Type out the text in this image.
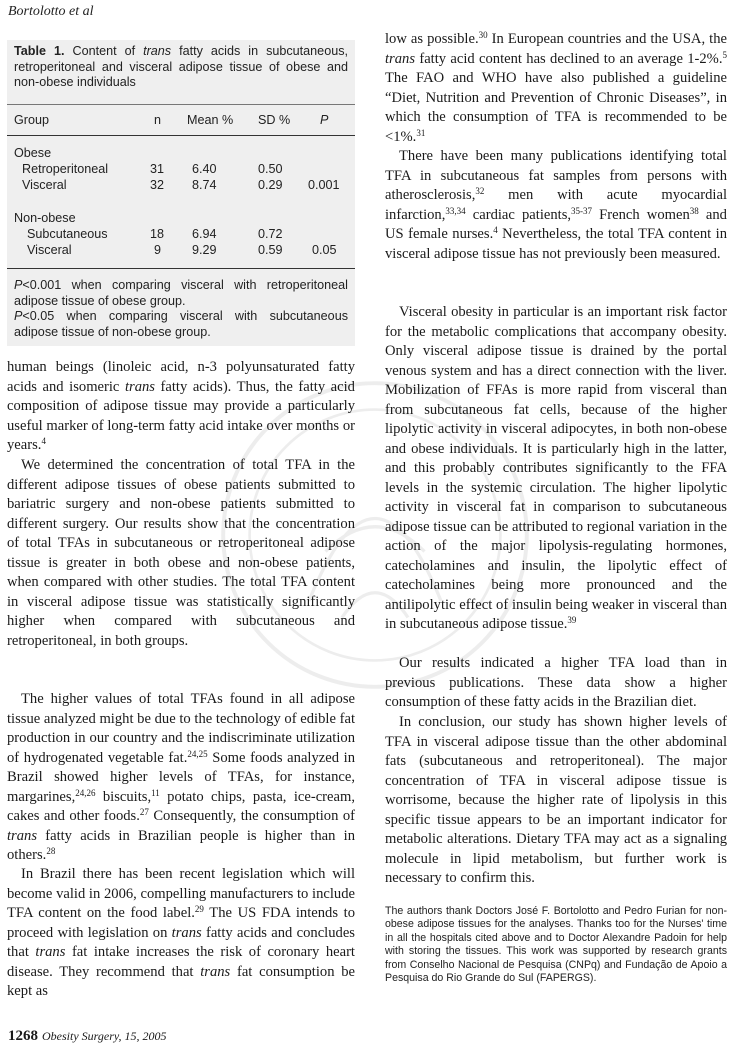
Bortolotto et al
Table 1. Content of trans fatty acids in subcutaneous, retroperitoneal and visceral adipose tissue of obese and non-obese individuals
Group	n Mean % SD % P
Obese
Retroperitoneal	31 6.40	0.50
Visceral	32 8.74	0.29 0.001
Non-obese
Subcutaneous	18 6.94	0.72
Visceral	9 9.29	0.59 0.05
P<0.001 when comparing visceral with retroperitoneal adipose tissue of obese group.
P<0.05 when comparing visceral with subcutaneous adipose tissue of non-obese group.
human beings (linoleic acid, n-3 polyunsaturated fatty acids and isomeric trans fatty acids). Thus, the fatty acid composition of adipose tissue may provide a particularly useful marker of long-term fatty acid intake over months or years.$^4$
We determined the concentration of total TFA in the different adipose tissues of obese patients submitted to bariatric surgery and non-obese patients submitted to different surgery. Our results show that the concentration of total TFAs in subcutaneous or retroperitoneal adipose tissue is greater in both obese and non-obese patients, when compared with other studies. The total TFA content in visceral adipose tissue was statistically significantly higher when compared with subcutaneous and retroperitoneal, in both groups.
The higher values of total TFAs found in all adipose tissue analyzed might be due to the technology of edible fat production in our country and the indiscriminate utilization of hydrogenated vegetable fat.$^{24,25}$ Some foods analyzed in Brazil showed higher levels of TFAs, for instance, margarines,$^{24,26}$ biscuits,$^{11}$ potato chips, pasta, ice-cream, cakes and other foods.$^{27}$ Consequently, the consumption of trans fatty acids in Brazilian people is higher than in others.$^{28}$
In Brazil there has been recent legislation which will become valid in 2006, compelling manufacturers to include TFA content on the food label.$^{29}$ The US FDA intends to proceed with legislation on trans fatty acids and concludes that trans fat intake increases the risk of coronary heart disease. They recommend that trans fat consumption be kept as
low as possible.$^{30}$ In European countries and the USA, the trans fatty acid content has declined to an average 1-2%.$^5$ The FAO and WHO have also published a guideline “Diet, Nutrition and Prevention of Chronic Diseases”, in which the consumption of TFA is recommended to be <1%.$^{31}$
There have been many publications identifying total TFA in subcutaneous fat samples from persons with atherosclerosis,$^{32}$ men with acute myocardial infarction,$^{33,34}$ cardiac patients,$^{35-37}$ French women$^{38}$ and US female nurses.$^4$ Nevertheless, the total TFA content in visceral adipose tissue has not previously been measured.
Visceral obesity in particular is an important risk factor for the metabolic complications that accompany obesity. Only visceral adipose tissue is drained by the portal venous system and has a direct connection with the liver. Mobilization of FFAs is more rapid from visceral than from subcutaneous fat cells, because of the higher lipolytic activity in visceral adipocytes, in both non-obese and obese individuals. It is particularly high in the latter, and this probably contributes significantly to the FFA levels in the systemic circulation. The higher lipolytic activity in visceral fat in comparison to subcutaneous adipose tissue can be attributed to regional variation in the action of the major lipolysis-regulating hormones, catecholamines and insulin, the lipolytic effect of catecholamines being more pronounced and the antilipolytic effect of insulin being weaker in visceral than in subcutaneous adipose tissue.$^{39}$
Our results indicated a higher TFA load than in previous publications. These data show a higher consumption of these fatty acids in the Brazilian diet.
In conclusion, our study has shown higher levels of TFA in visceral adipose tissue than the other abdominal fats (subcutaneous and retroperitoneal). The major concentration of TFA in visceral adipose tissue is worrisome, because the higher rate of lipolysis in this specific tissue appears to be an important indicator for metabolic alterations. Dietary TFA may act as a signaling molecule in lipid metabolism, but further work is necessary to confirm this.
The authors thank Doctors José F. Bortolotto and Pedro Furian for non-obese adipose tissues for the analyses. Thanks too for the Nurses' time in all the hospitals cited above and to Doctor Alexandre Padoin for help with storing the tissues. This work was supported by research grants from Conselho Nacional de Pesquisa (CNPq) and Fundação de Apoio a Pesquisa do Rio Grande do Sul (FAPERGS).
1268 Obesity Surgery, 15, 2005
